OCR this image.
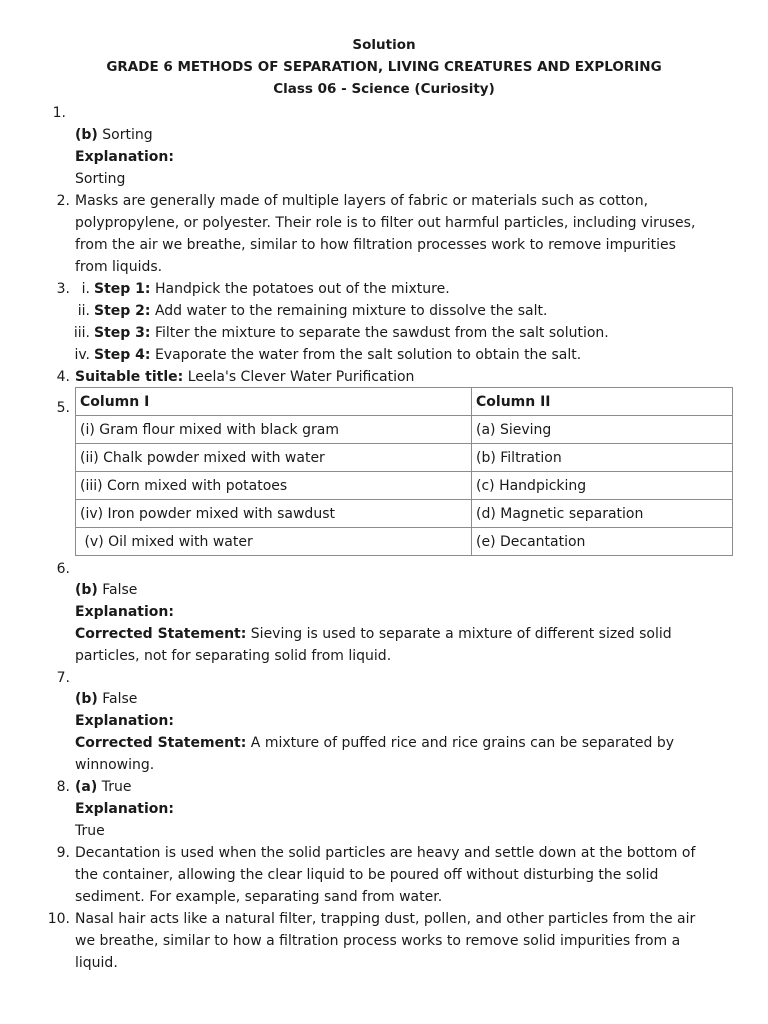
Solution
GRADE 6 METHODS OF SEPARATION, LIVING CREATURES AND EXPLORING
Class 06 - Science (Curiosity)
1.
(b) Sorting
Explanation:
Sorting
2. Masks are generally made of multiple layers of fabric or materials such as cotton,
polypropylene, or polyester. Their role is to filter out harmful particles, including viruses,
from the air we breathe, similar to how filtration processes work to remove impurities
from liquids.
3. i. Step 1: Handpick the potatoes out of the mixture.
ii. Step 2: Add water to the remaining mixture to dissolve the salt.
iii. Step 3: Filter the mixture to separate the sawdust from the salt solution.
iv. Step 4: Evaporate the water from the salt solution to obtain the salt.
4. Suitable title: Leela's Clever Water Purification
5. Column I	Column II
(i) Gram flour mixed with black gram	(a) Sieving
(ii) Chalk powder mixed with water	(b) Filtration
(iii) Corn mixed with potatoes	(c) Handpicking
(iv) Iron powder mixed with sawdust	(d) Magnetic separation
(v) Oil mixed with water	(e) Decantation
6.
(b) False
Explanation:
Corrected Statement: Sieving is used to separate a mixture of different sized solid
particles, not for separating solid from liquid.
7.
(b) False
Explanation:
Corrected Statement: A mixture of puffed rice and rice grains can be separated by
winnowing.
8. (a) True
Explanation:
True
9. Decantation is used when the solid particles are heavy and settle down at the bottom of
the container, allowing the clear liquid to be poured off without disturbing the solid
sediment. For example, separating sand from water.
10. Nasal hair acts like a natural filter, trapping dust, pollen, and other particles from the air
we breathe, similar to how a filtration process works to remove solid impurities from a
liquid.
